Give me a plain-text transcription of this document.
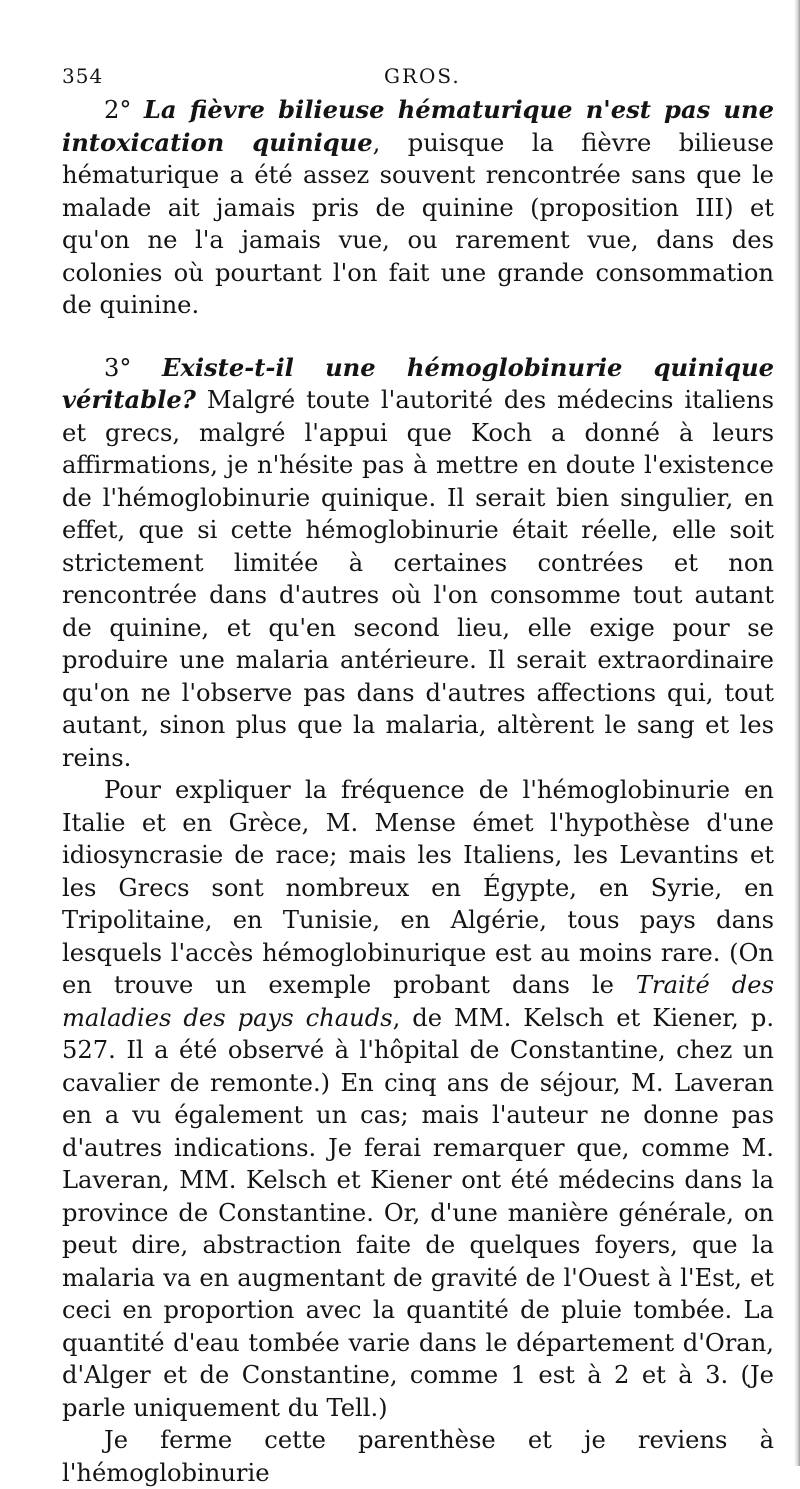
354	GROS.

2° La fièvre bilieuse hématurique n'est pas une intoxication quinique, puisque la fièvre bilieuse hématurique a été assez souvent rencontrée sans que le malade ait jamais pris de quinine (proposition III) et qu'on ne l'a jamais vue, ou rarement vue, dans des colonies où pourtant l'on fait une grande consommation de quinine.

3° Existe-t-il une hémoglobinurie quinique véritable? Malgré toute l'autorité des médecins italiens et grecs, malgré l'appui que Koch a donné à leurs affirmations, je n'hésite pas à mettre en doute l'existence de l'hémoglobinurie quinique. Il serait bien singulier, en effet, que si cette hémoglobinurie était réelle, elle soit strictement limitée à certaines contrées et non rencontrée dans d'autres où l'on consomme tout autant de quinine, et qu'en second lieu, elle exige pour se produire une malaria antérieure. Il serait extraordinaire qu'on ne l'observe pas dans d'autres affections qui, tout autant, sinon plus que la malaria, altèrent le sang et les reins.

Pour expliquer la fréquence de l'hémoglobinurie en Italie et en Grèce, M. Mense émet l'hypothèse d'une idiosyncrasie de race; mais les Italiens, les Levantins et les Grecs sont nombreux en Égypte, en Syrie, en Tripolitaine, en Tunisie, en Algérie, tous pays dans lesquels l'accès hémoglobinurique est au moins rare. (On en trouve un exemple probant dans le Traité des maladies des pays chauds, de MM. Kelsch et Kiener, p. 527. Il a été observé à l'hôpital de Constantine, chez un cavalier de remonte.) En cinq ans de séjour, M. Laveran en a vu également un cas; mais l'auteur ne donne pas d'autres indications. Je ferai remarquer que, comme M. Laveran, MM. Kelsch et Kiener ont été médecins dans la province de Constantine. Or, d'une manière générale, on peut dire, abstraction faite de quelques foyers, que la malaria va en augmentant de gravité de l'Ouest à l'Est, et ceci en proportion avec la quantité de pluie tombée. La quantité d'eau tombée varie dans le département d'Oran, d'Alger et de Constantine, comme 1 est à 2 et à 3. (Je parle uniquement du Tell.)

Je ferme cette parenthèse et je reviens à l'hémoglobinurie
